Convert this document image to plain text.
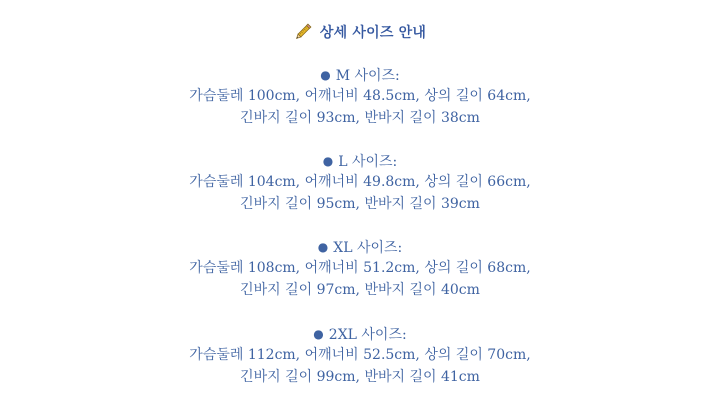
상세 사이즈 안내
● M 사이즈:
가슴둘레 100cm, 어깨너비 48.5cm, 상의 길이 64cm,
긴바지 길이 93cm, 반바지 길이 38cm
● L 사이즈:
가슴둘레 104cm, 어깨너비 49.8cm, 상의 길이 66cm,
긴바지 길이 95cm, 반바지 길이 39cm
● XL 사이즈:
가슴둘레 108cm, 어깨너비 51.2cm, 상의 길이 68cm,
긴바지 길이 97cm, 반바지 길이 40cm
● 2XL 사이즈:
가슴둘레 112cm, 어깨너비 52.5cm, 상의 길이 70cm,
긴바지 길이 99cm, 반바지 길이 41cm
